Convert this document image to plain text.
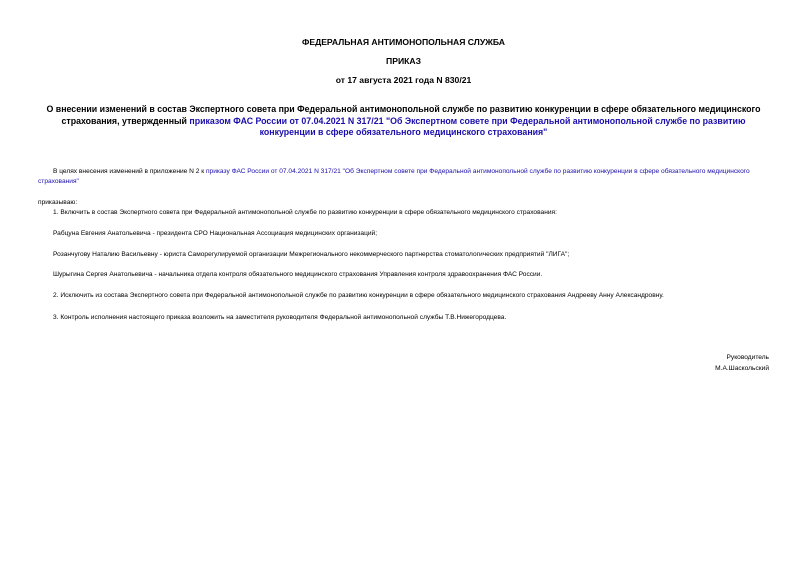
ФЕДЕРАЛЬНАЯ АНТИМОНОПОЛЬНАЯ СЛУЖБА
ПРИКАЗ
от 17 августа 2021 года N 830/21
О внесении изменений в состав Экспертного совета при Федеральной антимонопольной службе по развитию конкуренции в сфере обязательного медицинского страхования, утвержденный приказом ФАС России от 07.04.2021 N 317/21 "Об Экспертном совете при Федеральной антимонопольной службе по развитию конкуренции в сфере обязательного медицинского страхования"
В целях внесения изменений в приложение N 2 к приказу ФАС России от 07.04.2021 N 317/21 "Об Экспертном совете при Федеральной антимонопольной службе по развитию конкуренции в сфере обязательного медицинского страхования"
приказываю:
1. Включить в состав Экспертного совета при Федеральной антимонопольной службе по развитию конкуренции в сфере обязательного медицинского страхования:
Рабцуна Евгения Анатольевича - президента СРО Национальная Ассоциация медицинских организаций;
Розанчугову Наталию Васильевну - юриста Саморегулируемой организации Межрегионального некоммерческого партнерства стоматологических предприятий "ЛИГА";
Шурыгина Сергея Анатольевича - начальника отдела контроля обязательного медицинского страхования Управления контроля здравоохранения ФАС России.
2. Исключить из состава Экспертного совета при Федеральной антимонопольной службе по развитию конкуренции в сфере обязательного медицинского страхования Андрееву Анну Александровну.
3. Контроль исполнения настоящего приказа возложить на заместителя руководителя Федеральной антимонопольной службы Т.В.Нижегородцева.
Руководитель
М.А.Шаскольский
